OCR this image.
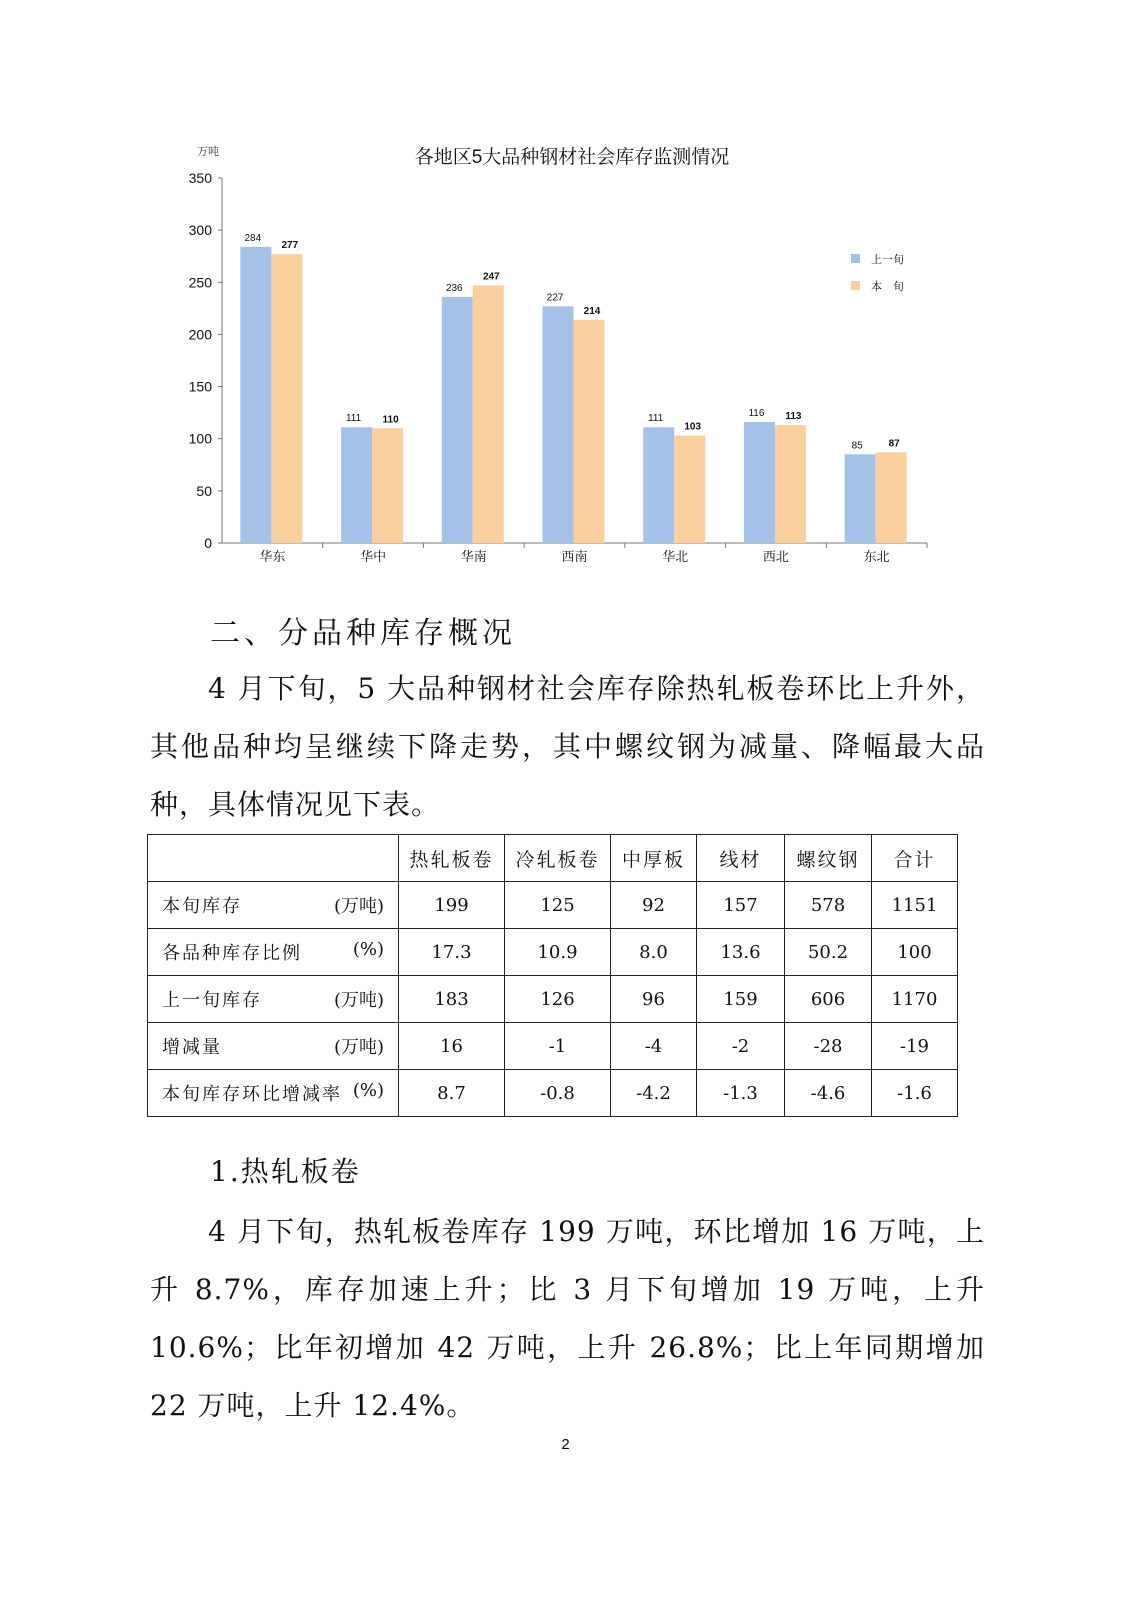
各地区5大品种钢材社会库存监测情况
万吨
0
50
100
150
200
250
300
350
华东	华中	华南	西南	华北	西北	东北
284
277
111 110
236
247
227
214
111
103
116 113
85	87
上一旬
本　旬
二、分品种库存概况

4 月下旬，5 大品种钢材社会库存除热轧板卷环比上升外，其他品种均呈继续下降走势，其中螺纹钢为减量、降幅最大品种，具体情况见下表。

	热轧板卷	冷轧板卷	中厚板	线材	螺纹钢	合计

本旬库存 (万吨)	199	125	92	157	578	1151

各品种库存比例 (%)	17.3	10.9	8.0	13.6	50.2	100

上一旬库存 (万吨)	183	126	96	159	606	1170

增减量 (万吨)	16	-1	-4	-2	-28	-19

本旬库存环比增减率 (%)	8.7	-0.8	-4.2	-1.3	-4.6	-1.6
1.热轧板卷

4 月下旬，热轧板卷库存 199 万吨，环比增加 16 万吨，上升 8.7%，库存加速上升；比 3 月下旬增加 19 万吨，上升 10.6%；比年初增加 42 万吨，上升 26.8%；比上年同期增加 22 万吨，上升 12.4%。

2
